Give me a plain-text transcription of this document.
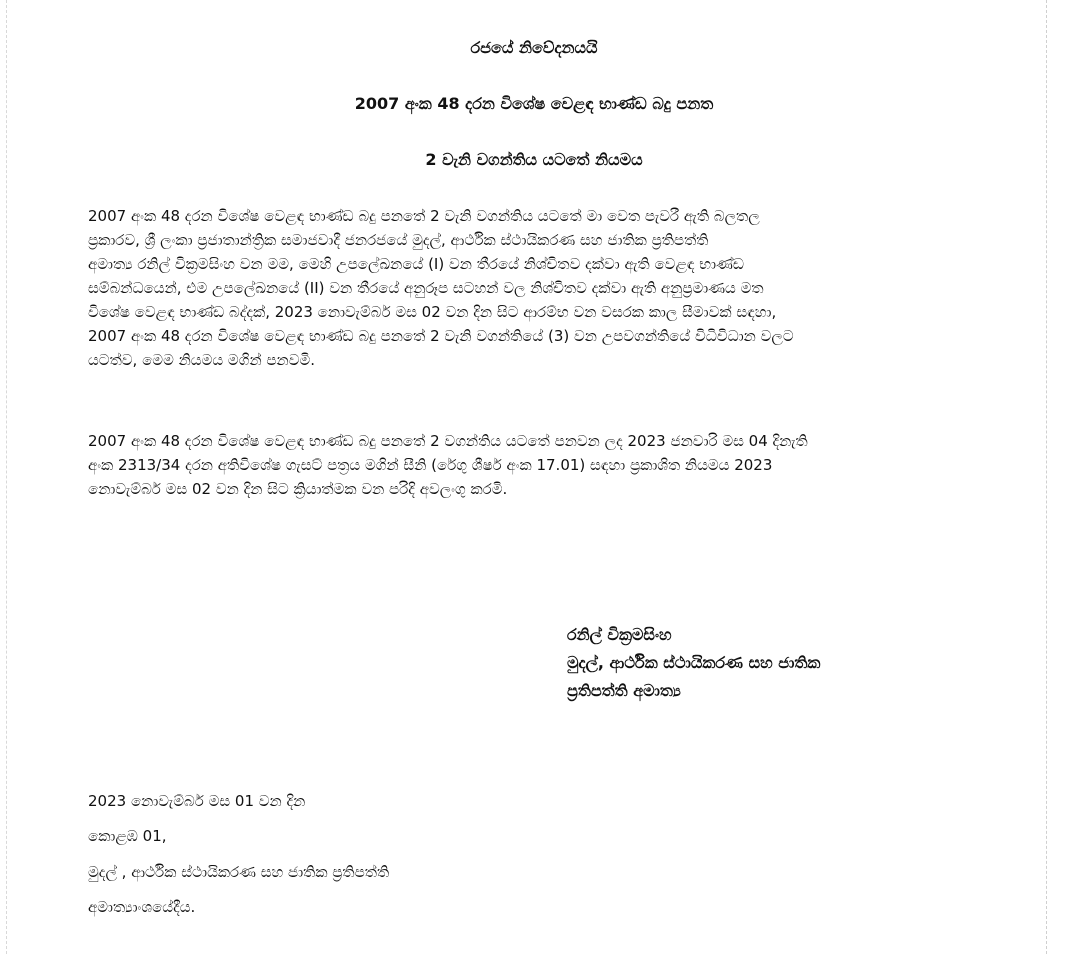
රජයේ නිවේදනයයි
2007 අංක 48 දරන විශේෂ වෙළඳ භාණ්ඩ බදු පනත
2 වැනි වගන්තිය යටතේ නියමය
2007 අංක 48 දරන විශේෂ වෙළඳ භාණ්ඩ බදු පනතේ 2 වැනි වගන්තිය යටතේ මා වෙත පැවරී ඇති බලතල
ප්‍රකාරව, ශ්‍රී ලංකා ප්‍රජාතාන්ත්‍රික සමාජවාදී ජනරජයේ මුදල්, ආර්ථික ස්ථායිකරණ සහ ජාතික ප්‍රතිපත්ති
අමාත්‍ය රනිල් වික්‍රමසිංහ වන මම, මෙහි උපලේඛනයේ (I) වන තීරයේ නිශ්චිතව දක්වා ඇති වෙළඳ භාණ්ඩ
සම්බන්ධයෙන්, එම උපලේඛනයේ (II) වන තීරයේ අනුරූප සටහන් වල නිශ්චිතව දක්වා ඇති අනුප්‍රමාණය මත
විශේෂ වෙළඳ භාණ්ඩ බද්දක්, 2023 නොවැම්බර් මස 02 වන දින සිට ආරම්භ වන වසරක කාල සීමාවක් සඳහා,
2007 අංක 48 දරන විශේෂ වෙළඳ භාණ්ඩ බදු පනතේ 2 වැනි වගන්තියේ (3) වන උපවගන්තියේ විධිවිධාන වලට
යටත්ව, මෙම නියමය මගින් පනවමි.
2007 අංක 48 දරන විශේෂ වෙළඳ භාණ්ඩ බදු පනතේ 2 වගන්තිය යටතේ පනවන ලද 2023 ජනවාරි මස 04 දිනැති
අංක 2313/34 දරන අතිවිශේෂ ගැසට් පත්‍රය මගින් සීනි (රේගු ශීර්ෂ අංක 17.01) සඳහා ප්‍රකාශිත නියමය 2023
නොවැම්බර් මස 02 වන දින සිට ක්‍රියාත්මක වන පරිදි අවලංගු කරමි.
රනිල් වික්‍රමසිංහ
මුදල්, ආර්ථික ස්ථායිකරණ සහ ජාතික
ප්‍රතිපත්ති අමාත්‍ය
2023 නොවැම්බර් මස 01 වන දින
කොළඹ 01,
මුදල් , ආර්ථික ස්ථායිකරණ සහ ජාතික ප්‍රතිපත්ති
අමාත්‍යාංශයේදීය.
